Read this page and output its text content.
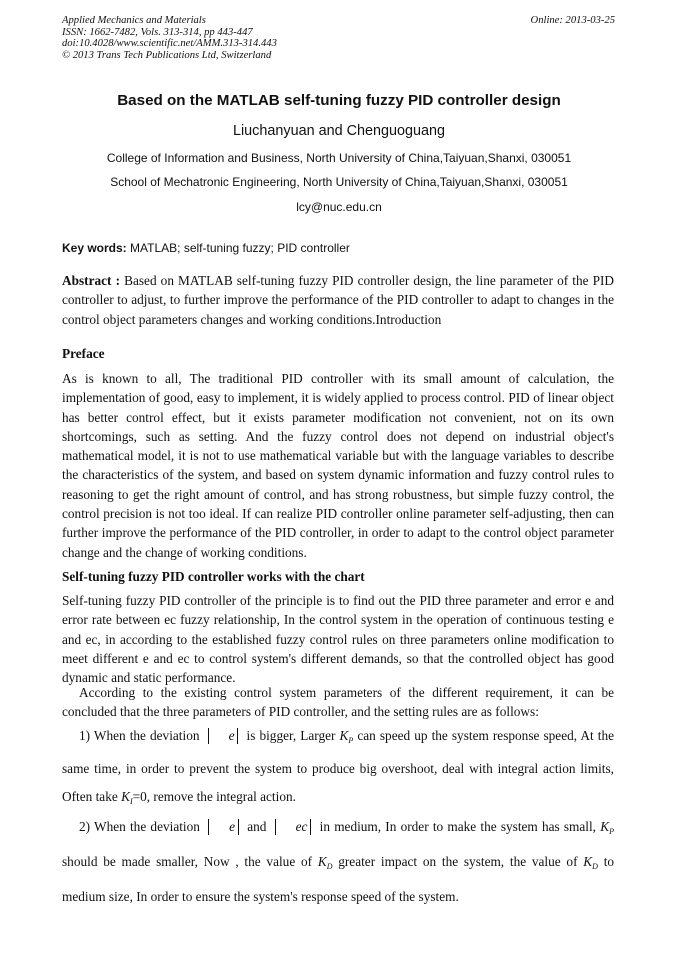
Applied Mechanics and Materials
ISSN: 1662-7482, Vols. 313-314, pp 443-447
doi:10.4028/www.scientific.net/AMM.313-314.443
© 2013 Trans Tech Publications Ltd, Switzerland
Online: 2013-03-25
Based on the MATLAB self-tuning fuzzy PID controller design
Liuchanyuan and Chenguoguang
College of Information and Business, North University of China,Taiyuan,Shanxi, 030051
School of Mechatronic Engineering, North University of China,Taiyuan,Shanxi, 030051
lcy@nuc.edu.cn
Key words: MATLAB; self-tuning fuzzy; PID controller

Abstract : Based on MATLAB self-tuning fuzzy PID controller design, the line parameter of the PID controller to adjust, to further improve the performance of the PID controller to adapt to changes in the control object parameters changes and working conditions.Introduction

Preface

As is known to all, The traditional PID controller with its small amount of calculation, the implementation of good, easy to implement, it is widely applied to process control. PID of linear object has better control effect, but it exists parameter modification not convenient, not on its own shortcomings, such as setting. And the fuzzy control does not depend on industrial object's mathematical model, it is not to use mathematical variable but with the language variables to describe the characteristics of the system, and based on system dynamic information and fuzzy control rules to reasoning to get the right amount of control, and has strong robustness, but simple fuzzy control, the control precision is not too ideal. If can realize PID controller online parameter self-adjusting, then can further improve the performance of the PID controller, in order to adapt to the control object parameter change and the change of working conditions.

Self-tuning fuzzy PID controller works with the chart

Self-tuning fuzzy PID controller of the principle is to find out the PID three parameter and error e and error rate between ec fuzzy relationship, In the control system in the operation of continuous testing e and ec, in according to the established fuzzy control rules on three parameters online modification to meet different e and ec to control system's different demands, so that the controlled object has good dynamic and static performance.

According to the existing control system parameters of the different requirement, it can be concluded that the three parameters of PID controller, and the setting rules are as follows:

1) When the deviation e is bigger, Larger $K_P$ can speed up the system response speed, At the same time, in order to prevent the system to produce big overshoot, deal with integral action limits, Often take $K_I=0$, remove the integral action.

2) When the deviation e and ec in medium, In order to make the system has small, $K_P$ should be made smaller, Now , the value of $K_D$ greater impact on the system, the value of $K_D$ to medium size, In order to ensure the system's response speed of the system.
